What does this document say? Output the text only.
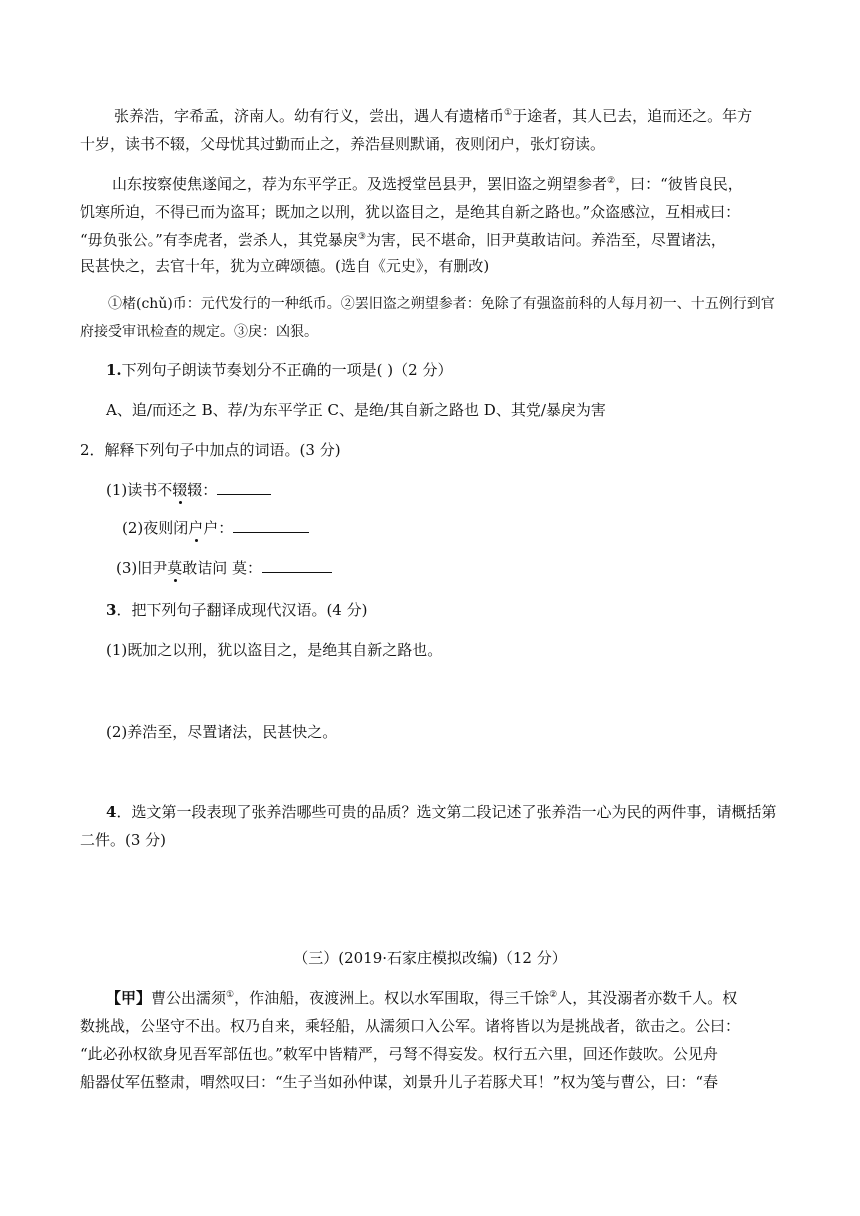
张养浩，字希孟，济南人。幼有行义，尝出，遇人有遗楮币①于途者，其人已去，追而还之。年方
十岁，读书不辍，父母忧其过勤而止之，养浩昼则默诵，夜则闭户，张灯窃读。
山东按察使焦遂闻之，荐为东平学正。及选授堂邑县尹，罢旧盗之朔望参者②，曰：“彼皆良民，
饥寒所迫，不得已而为盗耳；既加之以刑，犹以盗目之，是绝其自新之路也。”众盗感泣，互相戒曰：
“毋负张公。”有李虎者，尝杀人，其党暴戾③为害，民不堪命，旧尹莫敢诘问。养浩至，尽置诸法，
民甚快之，去官十年，犹为立碑颂德。(选自《元史》，有删改)
①楮(chǔ)币：元代发行的一种纸币。②罢旧盗之朔望参者：免除了有强盗前科的人每月初一、十五例行到官
府接受审讯检查的规定。③戾：凶狠。
1.下列句子朗读节奏划分不正确的一项是( )（2 分）
A、追/而还之 B、荐/为东平学正 C、是绝/其自新之路也 D、其党/暴戾为害
2．解释下列句子中加点的词语。(3 分)
(1)读书不辍辍：
(2)夜则闭户户：
(3)旧尹莫敢诘问 莫：
3．把下列句子翻译成现代汉语。(4 分)
(1)既加之以刑，犹以盗目之，是绝其自新之路也。
(2)养浩至，尽置诸法，民甚快之。
4．选文第一段表现了张养浩哪些可贵的品质？选文第二段记述了张养浩一心为民的两件事，请概括第
二件。(3 分)
（三）(2019·石家庄模拟改编)（12 分）
【甲】曹公出濡须①，作油船，夜渡洲上。权以水军围取，得三千馀②人，其没溺者亦数千人。权
数挑战，公坚守不出。权乃自来，乘轻船，从濡须口入公军。诸将皆以为是挑战者，欲击之。公曰：
“此必孙权欲身见吾军部伍也。”敕军中皆精严，弓弩不得妄发。权行五六里，回还作鼓吹。公见舟
船器仗军伍整肃，喟然叹曰：“生子当如孙仲谋，刘景升儿子若豚犬耳！”权为笺与曹公，曰：“春
